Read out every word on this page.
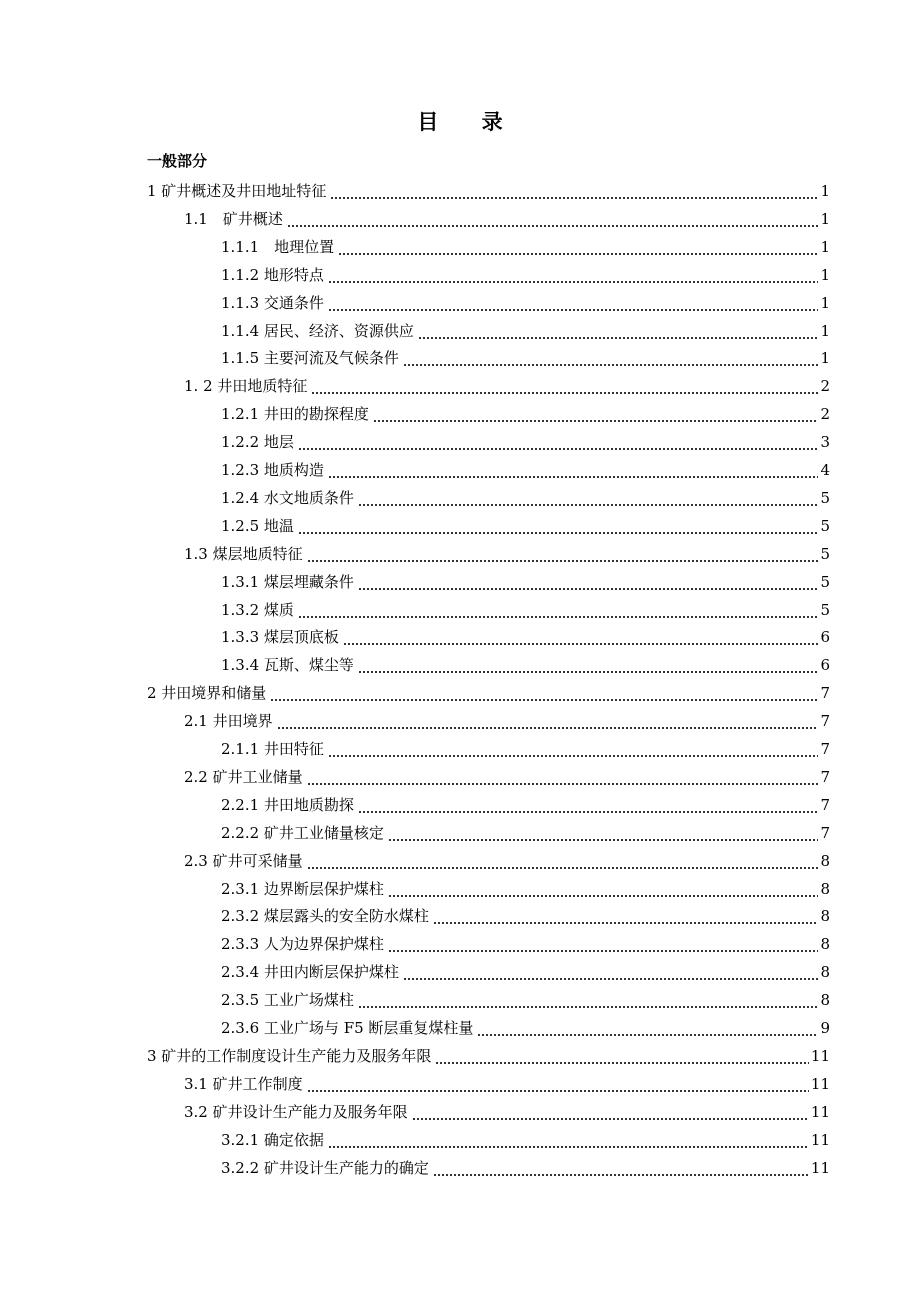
目 录
一般部分
1 矿井概述及井田地址特征	1
1.1　矿井概述	1
1.1.1　地理位置	1
1.1.2 地形特点	1
1.1.3 交通条件	1
1.1.4 居民、经济、资源供应	1
1.1.5 主要河流及气候条件	1
1. 2 井田地质特征	2
1.2.1 井田的勘探程度	2
1.2.2 地层	3
1.2.3 地质构造	4
1.2.4 水文地质条件	5
1.2.5 地温	5
1.3 煤层地质特征	5
1.3.1 煤层埋藏条件	5
1.3.2 煤质	5
1.3.3 煤层顶底板	6
1.3.4 瓦斯、煤尘等	6
2 井田境界和储量	7
2.1 井田境界	7
2.1.1 井田特征	7
2.2 矿井工业储量	7
2.2.1 井田地质勘探	7
2.2.2 矿井工业储量核定	7
2.3 矿井可采储量	8
2.3.1 边界断层保护煤柱	8
2.3.2 煤层露头的安全防水煤柱	8
2.3.3 人为边界保护煤柱	8
2.3.4 井田内断层保护煤柱	8
2.3.5 工业广场煤柱	8
2.3.6 工业广场与 F5 断层重复煤柱量	9
3 矿井的工作制度设计生产能力及服务年限	11
3.1 矿井工作制度	11
3.2 矿井设计生产能力及服务年限	11
3.2.1 确定依据	11
3.2.2 矿井设计生产能力的确定	11
